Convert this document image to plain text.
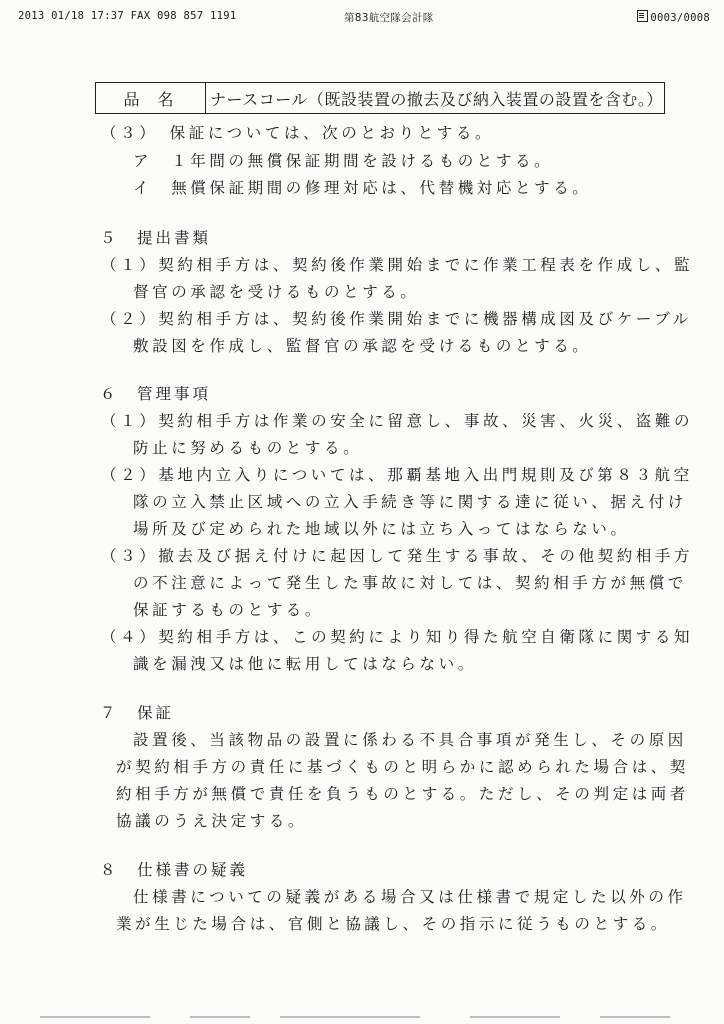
2013 01/18 17:37 FAX 098 857 1191	第83航空隊会計隊	0003/0008
品名	ナースコール（既設装置の撤去及び納入装置の設置を含む。）
（３）　保証については、次のとおりとする。
ア　１年間の無償保証期間を設けるものとする。
イ　無償保証期間の修理対応は、代替機対応とする。
５　提出書類
（１）契約相手方は、契約後作業開始までに作業工程表を作成し、監
督官の承認を受けるものとする。
（２）契約相手方は、契約後作業開始までに機器構成図及びケーブル
敷設図を作成し、監督官の承認を受けるものとする。
６　管理事項
（１）契約相手方は作業の安全に留意し、事故、災害、火災、盗難の
防止に努めるものとする。
（２）基地内立入りについては、那覇基地入出門規則及び第８３航空
隊の立入禁止区域への立入手続き等に関する達に従い、据え付け
場所及び定められた地域以外には立ち入ってはならない。
（３）撤去及び据え付けに起因して発生する事故、その他契約相手方
の不注意によって発生した事故に対しては、契約相手方が無償で
保証するものとする。
（４）契約相手方は、この契約により知り得た航空自衛隊に関する知
識を漏洩又は他に転用してはならない。
７　保証
設置後、当該物品の設置に係わる不具合事項が発生し、その原因
が契約相手方の責任に基づくものと明らかに認められた場合は、契
約相手方が無償で責任を負うものとする。ただし、その判定は両者
協議のうえ決定する。
８　仕様書の疑義
仕様書についての疑義がある場合又は仕様書で規定した以外の作
業が生じた場合は、官側と協議し、その指示に従うものとする。
